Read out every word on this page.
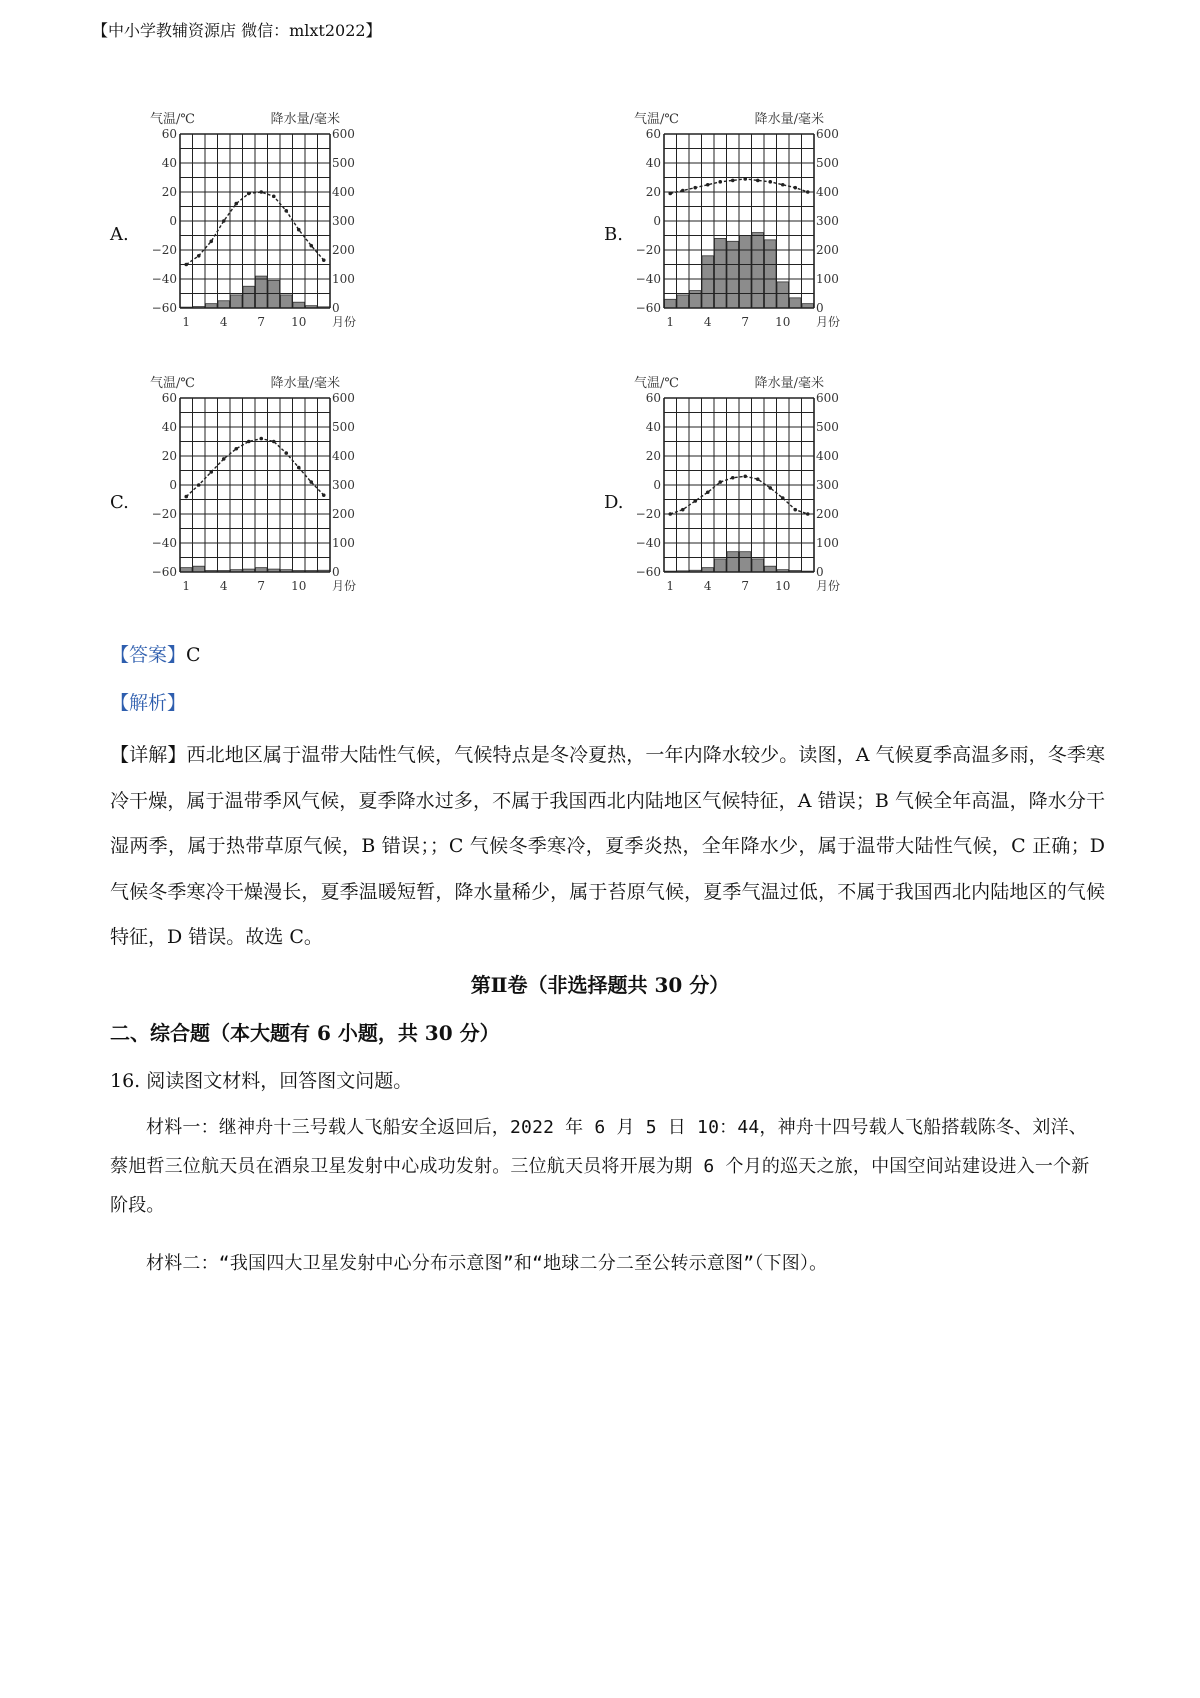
【中小学教辅资源店 微信：mlxt2022】
A.	B.
C.	D.
气温/℃	降水量/毫米
60
40
20
0
−20
−40
−60
600
500
400
300
200
100
0
1 4 7 10 月份
气温/℃	降水量/毫米
60
40
20
0
−20
−40
−60
600
500
400
300
200
100
0
1 4 7 10 月份
气温/℃	降水量/毫米
60
40
20
0
−20
−40
−60
600
500
400
300
200
100
0
1 4 7 10 月份
气温/℃	降水量/毫米
60
40
20
0
−20
−40
−60
600
500
400
300
200
100
0
1 4 7 10 月份

【答案】C

【解析】

【详解】西北地区属于温带大陆性气候，气候特点是冬冷夏热，一年内降水较少。读图，A 气候夏季高温多雨，冬季寒冷干燥，属于温带季风气候，夏季降水过多，不属于我国西北内陆地区气候特征，A 错误；B 气候全年高温，降水分干湿两季，属于热带草原气候，B 错误；；C 气候冬季寒冷，夏季炎热，全年降水少，属于温带大陆性气候，C 正确；D 气候冬季寒冷干燥漫长，夏季温暖短暂，降水量稀少，属于苔原气候，夏季气温过低，不属于我国西北内陆地区的气候特征，D 错误。故选 C。

第Ⅱ卷（非选择题共 30 分）

二、综合题（本大题有 6 小题，共 30 分）

16. 阅读图文材料，回答图文问题。

材料一：继神舟十三号载人飞船安全返回后，2022 年 6 月 5 日 10：44，神舟十四号载人飞船搭载陈冬、刘洋、蔡旭哲三位航天员在酒泉卫星发射中心成功发射。三位航天员将开展为期 6 个月的巡天之旅，中国空间站建设进入一个新阶段。

材料二：“我国四大卫星发射中心分布示意图”和“地球二分二至公转示意图”（下图）。
